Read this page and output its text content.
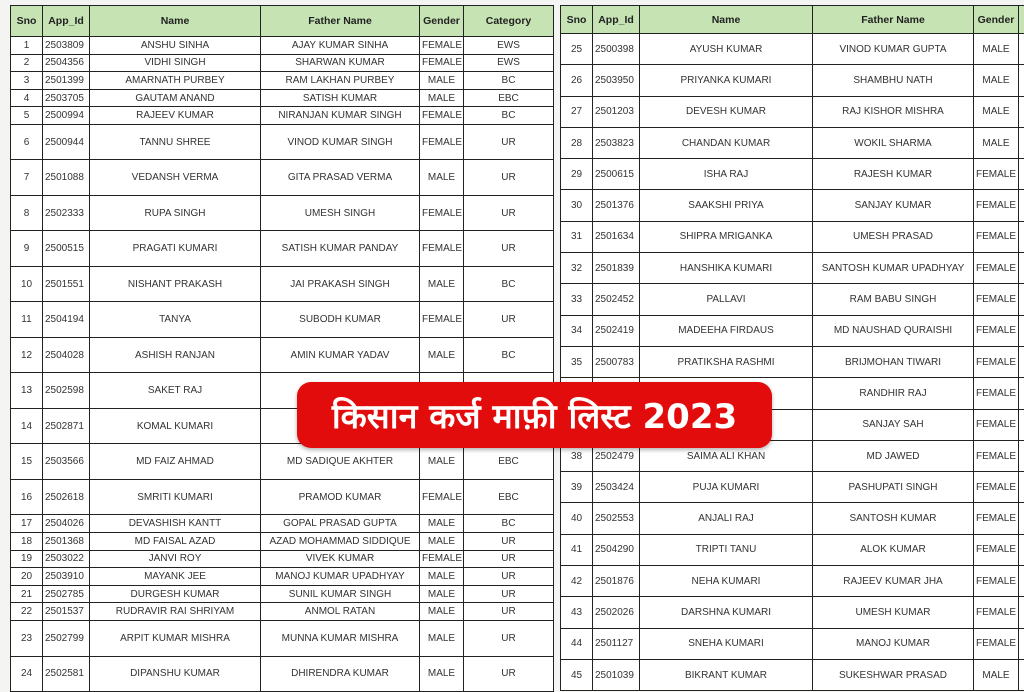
Sno	App_Id	Name	Father Name	Gender	Category
1	2503809	ANSHU SINHA	AJAY KUMAR SINHA	FEMALE	EWS
2	2504356	VIDHI SINGH	SHARWAN KUMAR	FEMALE	EWS
3	2501399	AMARNATH PURBEY	RAM LAKHAN PURBEY	MALE	BC
4	2503705	GAUTAM ANAND	SATISH KUMAR	MALE	EBC
5	2500994	RAJEEV KUMAR	NIRANJAN KUMAR SINGH	FEMALE	BC
6	2500944	TANNU SHREE	VINOD KUMAR SINGH	FEMALE	UR
7	2501088	VEDANSH VERMA	GITA PRASAD VERMA	MALE	UR
8	2502333	RUPA SINGH	UMESH SINGH	FEMALE	UR
9	2500515	PRAGATI KUMARI	SATISH KUMAR PANDAY	FEMALE	UR
10	2501551	NISHANT PRAKASH	JAI PRAKASH SINGH	MALE	BC
11	2504194	TANYA	SUBODH KUMAR	FEMALE	UR
12	2504028	ASHISH RANJAN	AMIN KUMAR YADAV	MALE	BC
13	2502598	SAKET RAJ			
14	2502871	KOMAL KUMARI			
15	2503566	MD FAIZ AHMAD	MD SADIQUE AKHTER	MALE	EBC
16	2502618	SMRITI KUMARI	PRAMOD KUMAR	FEMALE	EBC
17	2504026	DEVASHISH KANTT	GOPAL PRASAD GUPTA	MALE	BC
18	2501368	MD FAISAL AZAD	AZAD MOHAMMAD SIDDIQUE	MALE	UR
19	2503022	JANVI ROY	VIVEK KUMAR	FEMALE	UR
20	2503910	MAYANK JEE	MANOJ KUMAR UPADHYAY	MALE	UR
21	2502785	DURGESH KUMAR	SUNIL KUMAR SINGH	MALE	UR
22	2501537	RUDRAVIR RAI SHRIYAM	ANMOL RATAN	MALE	UR
23	2502799	ARPIT KUMAR MISHRA	MUNNA KUMAR MISHRA	MALE	UR
24	2502581	DIPANSHU KUMAR	DHIRENDRA KUMAR	MALE	UR
Sno	App_Id	Name	Father Name	Gender	
25	2500398	AYUSH KUMAR	VINOD KUMAR GUPTA	MALE	
26	2503950	PRIYANKA KUMARI	SHAMBHU NATH	MALE	
27	2501203	DEVESH KUMAR	RAJ KISHOR MISHRA	MALE	
28	2503823	CHANDAN KUMAR	WOKIL SHARMA	MALE	
29	2500615	ISHA RAJ	RAJESH KUMAR	FEMALE	
30	2501376	SAAKSHI PRIYA	SANJAY KUMAR	FEMALE	
31	2501634	SHIPRA MRIGANKA	UMESH PRASAD	FEMALE	
32	2501839	HANSHIKA KUMARI	SANTOSH KUMAR UPADHYAY	FEMALE	
33	2502452	PALLAVI	RAM BABU SINGH	FEMALE	
34	2502419	MADEEHA FIRDAUS	MD NAUSHAD QURAISHI	FEMALE	
35	2500783	PRATIKSHA RASHMI	BRIJMOHAN TIWARI	FEMALE	
			RANDHIR RAJ	FEMALE	
			SANJAY SAH	FEMALE	
38	2502479	SAIMA ALI KHAN	MD JAWED	FEMALE	
39	2503424	PUJA KUMARI	PASHUPATI SINGH	FEMALE	
40	2502553	ANJALI RAJ	SANTOSH KUMAR	FEMALE	
41	2504290	TRIPTI TANU	ALOK KUMAR	FEMALE	
42	2501876	NEHA KUMARI	RAJEEV KUMAR JHA	FEMALE	
43	2502026	DARSHNA KUMARI	UMESH KUMAR	FEMALE	
44	2501127	SNEHA KUMARI	MANOJ KUMAR	FEMALE	
45	2501039	BIKRANT KUMAR	SUKESHWAR PRASAD	MALE	
किसान कर्ज माफ़ी लिस्ट 2023
